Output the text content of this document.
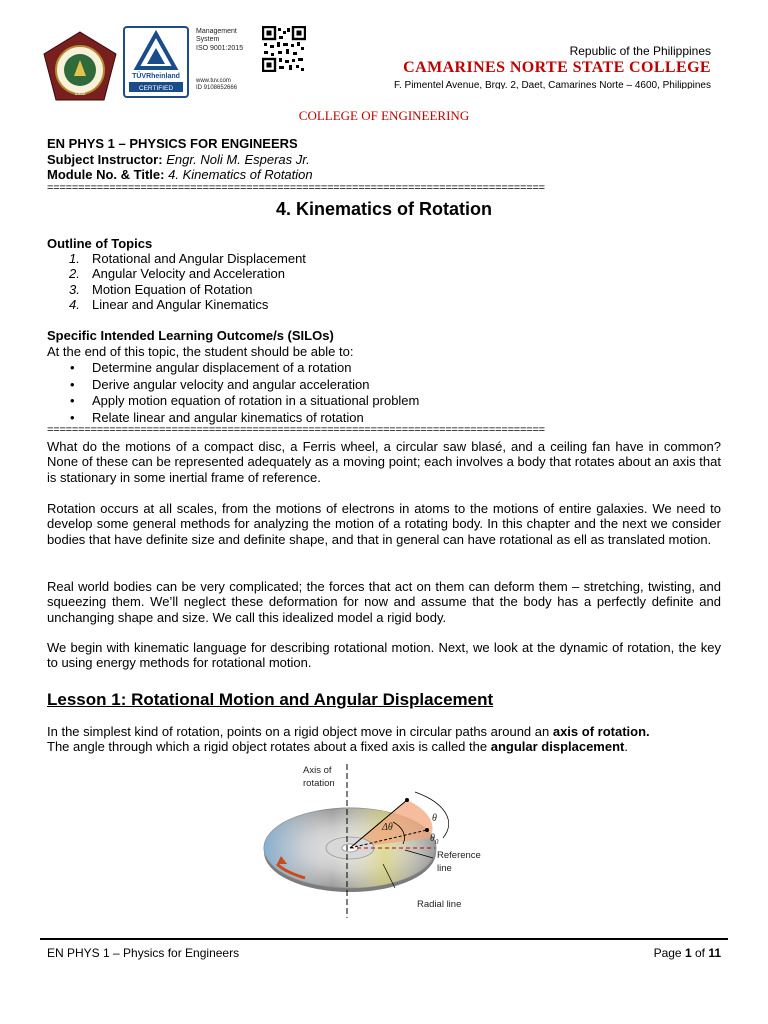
1992
TÜVRheinland
CERTIFIED
Management
System
ISO 9001:2015
www.tuv.com
ID 9108652666
Republic of the Philippines
CAMARINES NORTE STATE COLLEGE
F. Pimentel Avenue, Brgy. 2, Daet, Camarines Norte – 4600, Philippines
COLLEGE OF ENGINEERING
EN PHYS 1 – PHYSICS FOR ENGINEERS
Subject Instructor: Engr. Noli M. Esperas Jr.
Module No. & Title: 4. Kinematics of Rotation
================================================================================
4. Kinematics of Rotation
Outline of Topics
1. Rotational and Angular Displacement
2. Angular Velocity and Acceleration
3. Motion Equation of Rotation
4. Linear and Angular Kinematics
Specific Intended Learning Outcome/s (SILOs)
At the end of this topic, the student should be able to:
• Determine angular displacement of a rotation
• Derive angular velocity and angular acceleration
• Apply motion equation of rotation in a situational problem
• Relate linear and angular kinematics of rotation
================================================================================
What do the motions of a compact disc, a Ferris wheel, a circular saw blasé, and a ceiling fan have in common? None of these can be represented adequately as a moving point; each involves a body that rotates about an axis that is stationary in some inertial frame of reference.
Rotation occurs at all scales, from the motions of electrons in atoms to the motions of entire galaxies. We need to develop some general methods for analyzing the motion of a rotating body. In this chapter and the next we consider bodies that have definite size and definite shape, and that in general can have rotational as ell as translated motion.
Real world bodies can be very complicated; the forces that act on them can deform them – stretching, twisting, and squeezing them. We’ll neglect these deformation for now and assume that the body has a perfectly definite and unchanging shape and size. We call this idealized model a rigid body.
We begin with kinematic language for describing rotational motion. Next, we look at the dynamic of rotation, the key to using energy methods for rotational motion.
Lesson 1: Rotational Motion and Angular Displacement
In the simplest kind of rotation, points on a rigid object move in circular paths around an axis of rotation.
The angle through which a rigid object rotates about a fixed axis is called the angular displacement.
Axis of
rotation
θ
Δθ
$\theta_0$
Reference
line
Radial line
EN PHYS 1 – Physics for Engineers	Page 1 of 11
